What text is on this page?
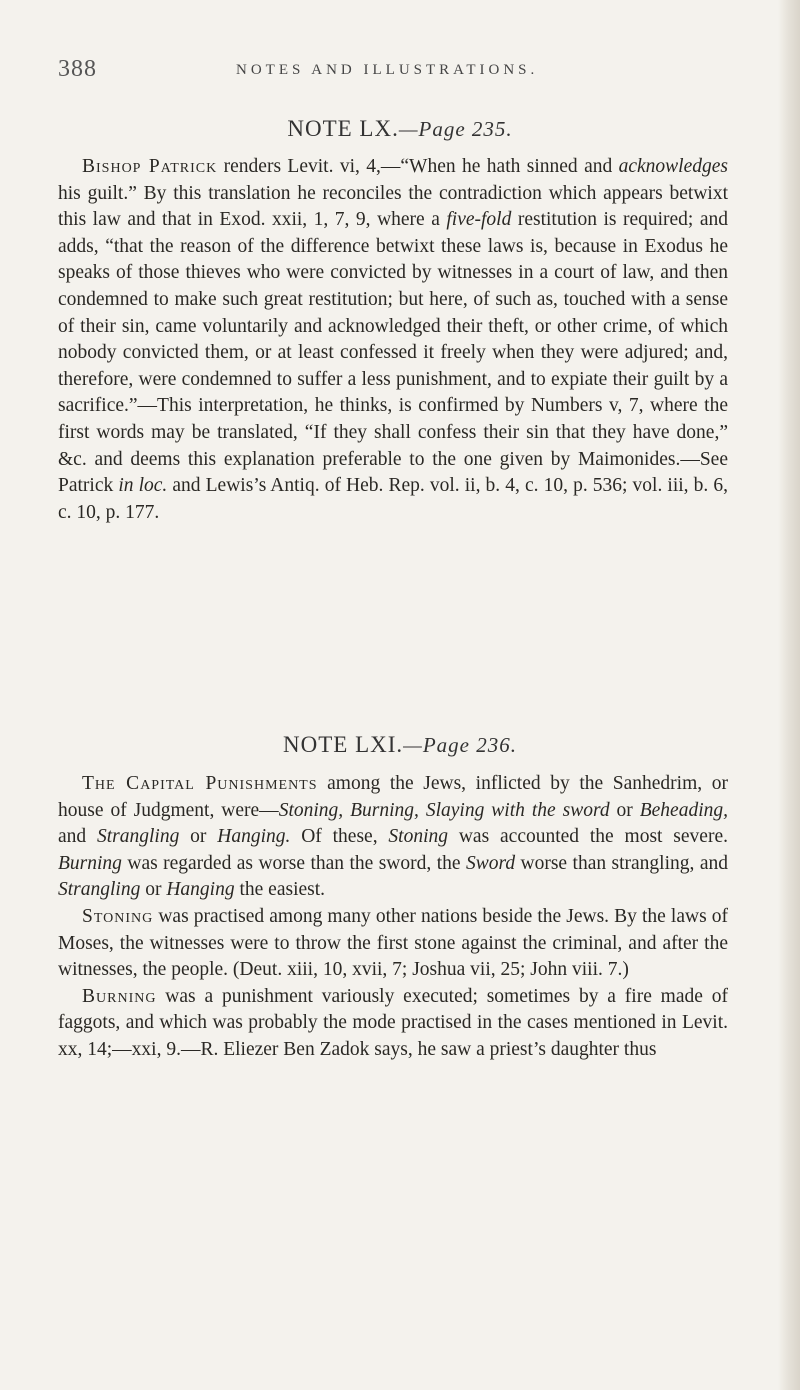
388	NOTES AND ILLUSTRATIONS.
NOTE LX.—Page 235.

Bishop Patrick renders Levit. vi, 4,—“When he hath sinned and acknowledges his guilt.” By this translation he reconciles the contradiction which appears betwixt this law and that in Exod. xxii, 1, 7, 9, where a five-fold restitution is required; and adds, “that the reason of the difference betwixt these laws is, because in Exodus he speaks of those thieves who were convicted by witnesses in a court of law, and then condemned to make such great restitution; but here, of such as, touched with a sense of their sin, came voluntarily and acknowledged their theft, or other crime, of which nobody convicted them, or at least confessed it freely when they were adjured; and, therefore, were condemned to suffer a less punishment, and to expiate their guilt by a sacrifice.”—This interpretation, he thinks, is confirmed by Numbers v, 7, where the first words may be translated, “If they shall confess their sin that they have done,” &c. and deems this explanation preferable to the one given by Maimonides.—See Patrick in loc. and Lewis’s Antiq. of Heb. Rep. vol. ii, b. 4, c. 10, p. 536; vol. iii, b. 6, c. 10, p. 177.

NOTE LXI.—Page 236.

The Capital Punishments among the Jews, inflicted by the Sanhedrim, or house of Judgment, were—Stoning, Burning, Slaying with the sword or Beheading, and Strangling or Hanging. Of these, Stoning was accounted the most severe. Burning was regarded as worse than the sword, the Sword worse than strangling, and Strangling or Hanging the easiest.

Stoning was practised among many other nations beside the Jews. By the laws of Moses, the witnesses were to throw the first stone against the criminal, and after the witnesses, the people. (Deut. xiii, 10, xvii, 7; Joshua vii, 25; John viii. 7.)

Burning was a punishment variously executed; sometimes by a fire made of faggots, and which was probably the mode practised in the cases mentioned in Levit. xx, 14;—xxi, 9.—R. Eliezer Ben Zadok says, he saw a priest’s daughter thus
